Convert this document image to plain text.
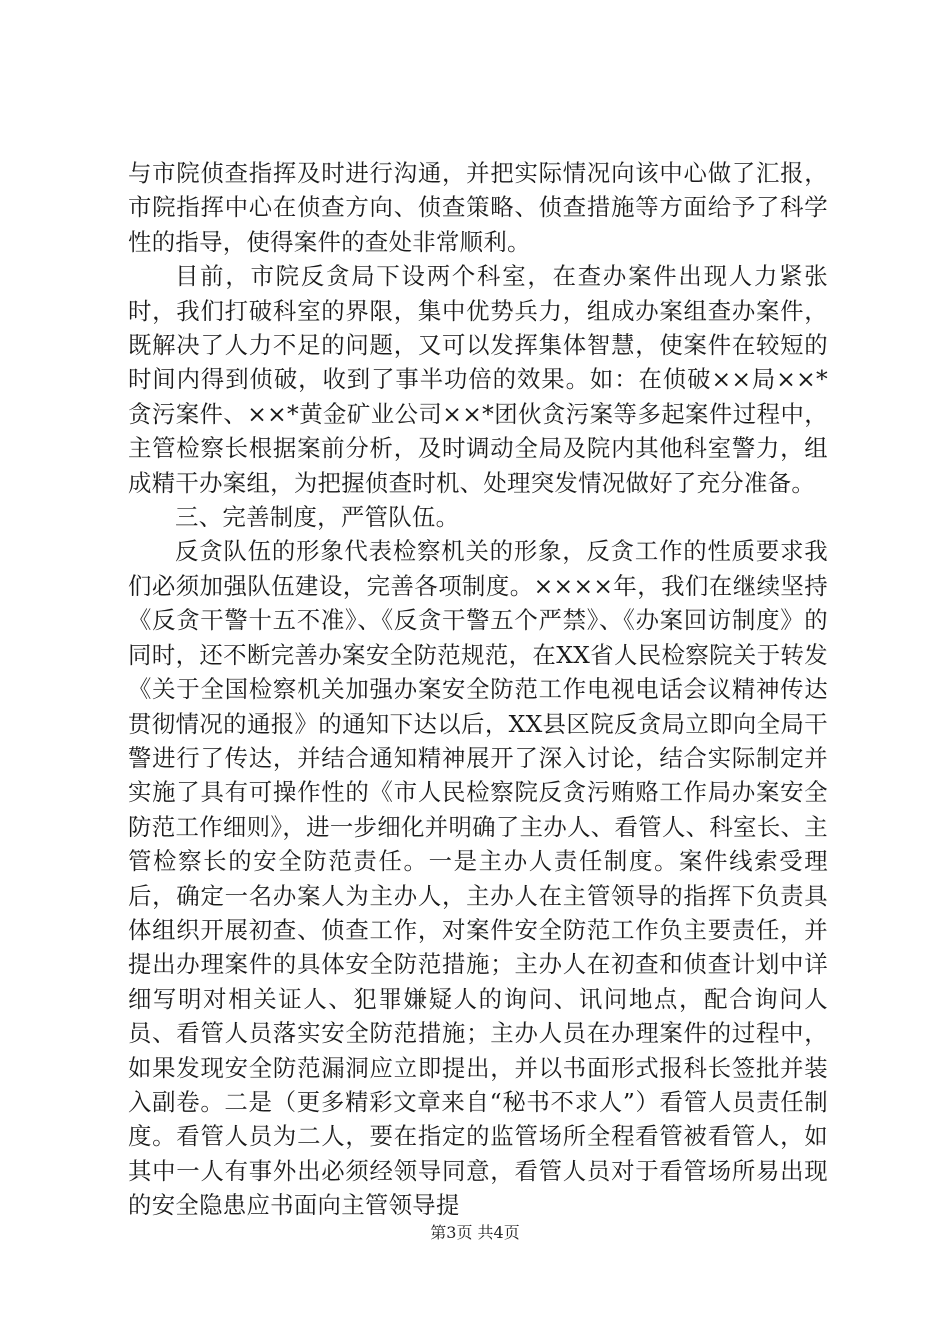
与市院侦查指挥及时进行沟通，并把实际情况向该中心做了汇报，市院指挥中心在侦查方向、侦查策略、侦查措施等方面给予了科学性的指导，使得案件的查处非常顺利。

目前，市院反贪局下设两个科室，在查办案件出现人力紧张时，我们打破科室的界限，集中优势兵力，组成办案组查办案件，既解决了人力不足的问题，又可以发挥集体智慧，使案件在较短的时间内得到侦破，收到了事半功倍的效果。如：在侦破××局××*贪污案件、××*黄金矿业公司××*团伙贪污案等多起案件过程中，主管检察长根据案前分析，及时调动全局及院内其他科室警力，组成精干办案组，为把握侦查时机、处理突发情况做好了充分准备。

三、完善制度，严管队伍。

反贪队伍的形象代表检察机关的形象，反贪工作的性质要求我们必须加强队伍建设，完善各项制度。××××年，我们在继续坚持《反贪干警十五不准》、《反贪干警五个严禁》、《办案回访制度》的同时，还不断完善办案安全防范规范，在XX省人民检察院关于转发《关于全国检察机关加强办案安全防范工作电视电话会议精神传达贯彻情况的通报》的通知下达以后，XX县区院反贪局立即向全局干警进行了传达，并结合通知精神展开了深入讨论，结合实际制定并实施了具有可操作性的《市人民检察院反贪污贿赂工作局办案安全防范工作细则》，进一步细化并明确了主办人、看管人、科室长、主管检察长的安全防范责任。一是主办人责任制度。案件线索受理后，确定一名办案人为主办人，主办人在主管领导的指挥下负责具体组织开展初查、侦查工作，对案件安全防范工作负主要责任，并提出办理案件的具体安全防范措施；主办人在初查和侦查计划中详细写明对相关证人、犯罪嫌疑人的询问、讯问地点，配合询问人员、看管人员落实安全防范措施；主办人员在办理案件的过程中，如果发现安全防范漏洞应立即提出，并以书面形式报科长签批并装入副卷。二是（更多精彩文章来自“秘书不求人”）看管人员责任制度。看管人员为二人，要在指定的监管场所全程看管被看管人，如其中一人有事外出必须经领导同意，看管人员对于看管场所易出现的安全隐患应书面向主管领导提

第3页 共4页
